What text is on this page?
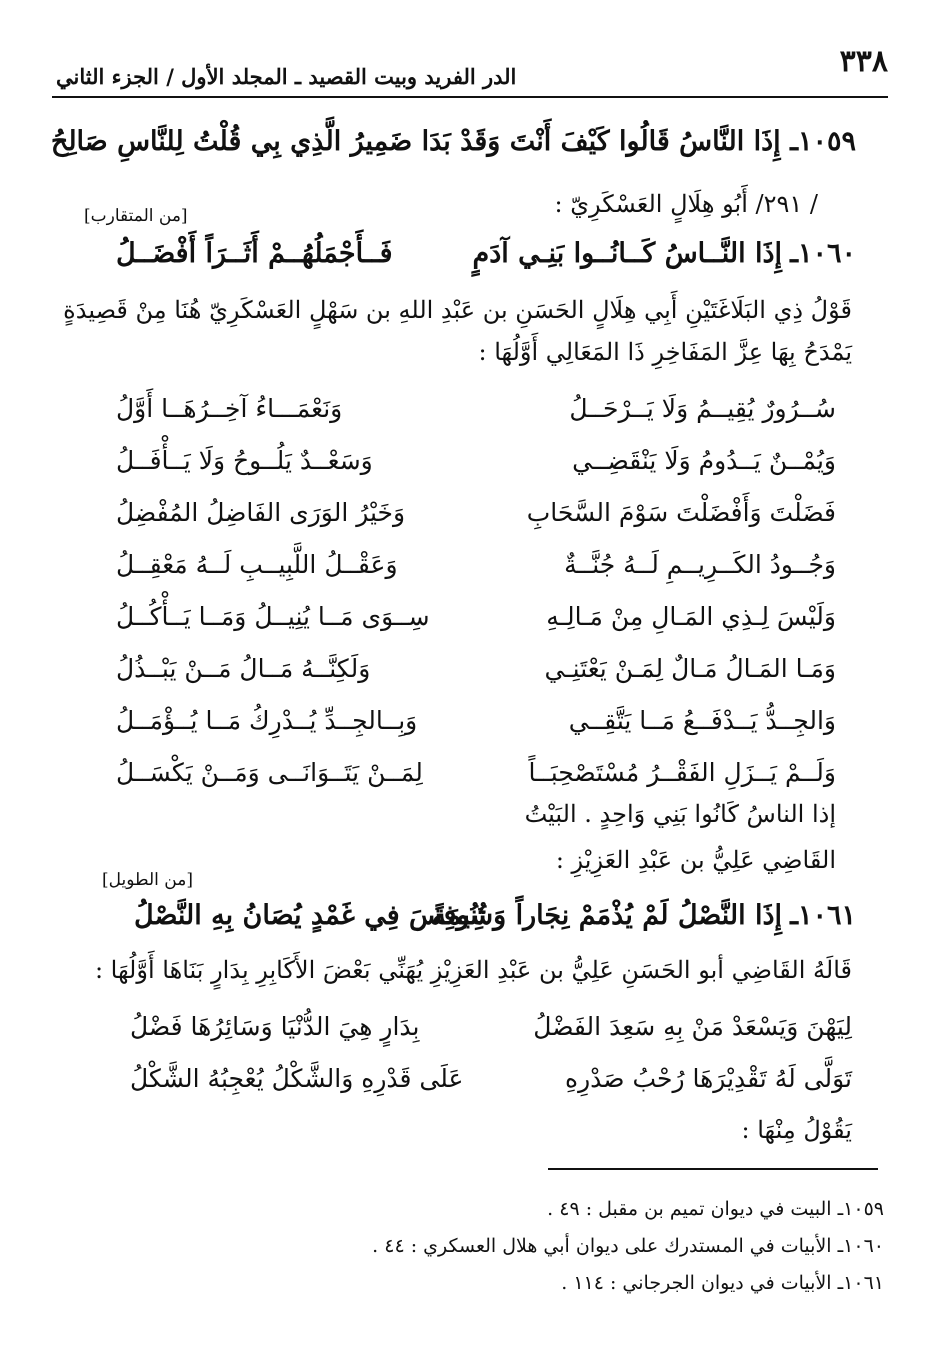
٣٣٨
الدر الفريد وبيت القصيد ـ المجلد الأول / الجزء الثاني
١٠٥٩ـ إِذَا النَّاسُ قَالُوا كَيْفَ أَنْتَ وَقَدْ بَدَا ضَمِيرُ الَّذِي بِي قُلْتُ لِلنَّاسِ صَالِحُ
/ ٢٩١/ أَبُو هِلَالٍ العَسْكَرِيّ :
[من المتقارب]
١٠٦٠ـ
إِذَا النَّــاسُ كَــانُــوا بَنِـي آدَمٍ
فَــأَجْمَلُهُــمْ أَثَــرَاً أَفْضَــلُ
قَوْلُ ذِي البَلَاغَتَيْنِ أَبِي هِلَالٍ الحَسَنِ بن عَبْدِ اللهِ بن سَهْلٍ العَسْكَرِيّ هُنَا مِنْ قَصِيدَةٍ
يَمْدَحُ بِهَا عِزَّ المَفَاخِرِ ذَا المَعَالِي أَوَّلُهَا :
سُــرُورٌ يُقِيــمُ وَلَا يَــرْحَــلُ
وَنَعْمَـــاءُ آخِــرُهَــا أَوَّلُ
وَيُمْــنٌ يَــدُومُ وَلَا يَنْقَضِــي
وَسَعْــدٌ يَلُــوحُ وَلَا يَــأْفَــلُ
فَضَلْتَ وَأَفْضَلْتَ سَوْمَ السَّحَابِ
وَخَيْرُ الوَرَى الفَاضِلُ المُفْضِلُ
وَجُــودُ الكَــرِيــمِ لَــهُ جُنَّــةٌ
وَعَقْــلُ اللَّبِيــبِ لَــهُ مَعْقِــلُ
وَلَيْسَ لِـذِي المَـالِ مِنْ مَـالِـهِ
سِــوَى مَــا يُنِيــلُ وَمَــا يَــأْكُــلُ
وَمَـا المَـالُ مَـالٌ لِمَـنْ يَعْتَنِـي
وَلَكِنَّــهُ مَــالُ مَــنْ يَبْــذُلُ
وَالجِــدُّ يَــدْفَــعُ مَــا يَتَّقِــي
وَبِــالجِــدِّ يُــدْرِكُ مَــا يُــؤْمَــلُ
وَلَــمْ يَــزَلِ الفَقْــرُ مُسْتَصْحِبَــاً
لِمَــنْ يَتَــوَانَــى وَمَــنْ يَكْسَــلُ
إذا الناسُ كَانُوا بَنِي وَاحِدٍ . البَيْتُ
القَاضِي عَلِيُّ بن عَبْدِ العَزِيْزِ :
[من الطويل]
١٠٦١ـ
إِذَا النَّصْلُ لَمْ يُذْمَمْ نِجَاراً وَشِيمَةً
تُنُوفِسَ فِي غَمْدٍ يُصَانُ بِهِ النَّصْلُ
قَالَهُ القَاضِي أبو الحَسَنِ عَلِيُّ بن عَبْدِ العَزِيْزِ يُهَنِّي بَعْضَ الأَكَابِرِ بِدَارٍ بَنَاهَا أَوَّلُهَا :
لِيَهْنَ وَيَسْعَدْ مَنْ بِهِ سَعِدَ الفَضْلُ
بِدَارٍ هِيَ الدُّنْيَا وَسَائِرُهَا فَضْلُ
تَوَلَّى لَهُ تَقْدِيْرَهَا رُحْبُ صَدْرِهِ
عَلَى قَدْرِهِ وَالشَّكْلُ يُعْجِبُهُ الشَّكْلُ
يَقُوْلُ مِنْهَا :
١٠٥٩ـ البيت في ديوان تميم بن مقبل : ٤٩ .
١٠٦٠ـ الأبيات في المستدرك على ديوان أبي هلال العسكري : ٤٤ .
١٠٦١ـ الأبيات في ديوان الجرجاني : ١١٤ .
